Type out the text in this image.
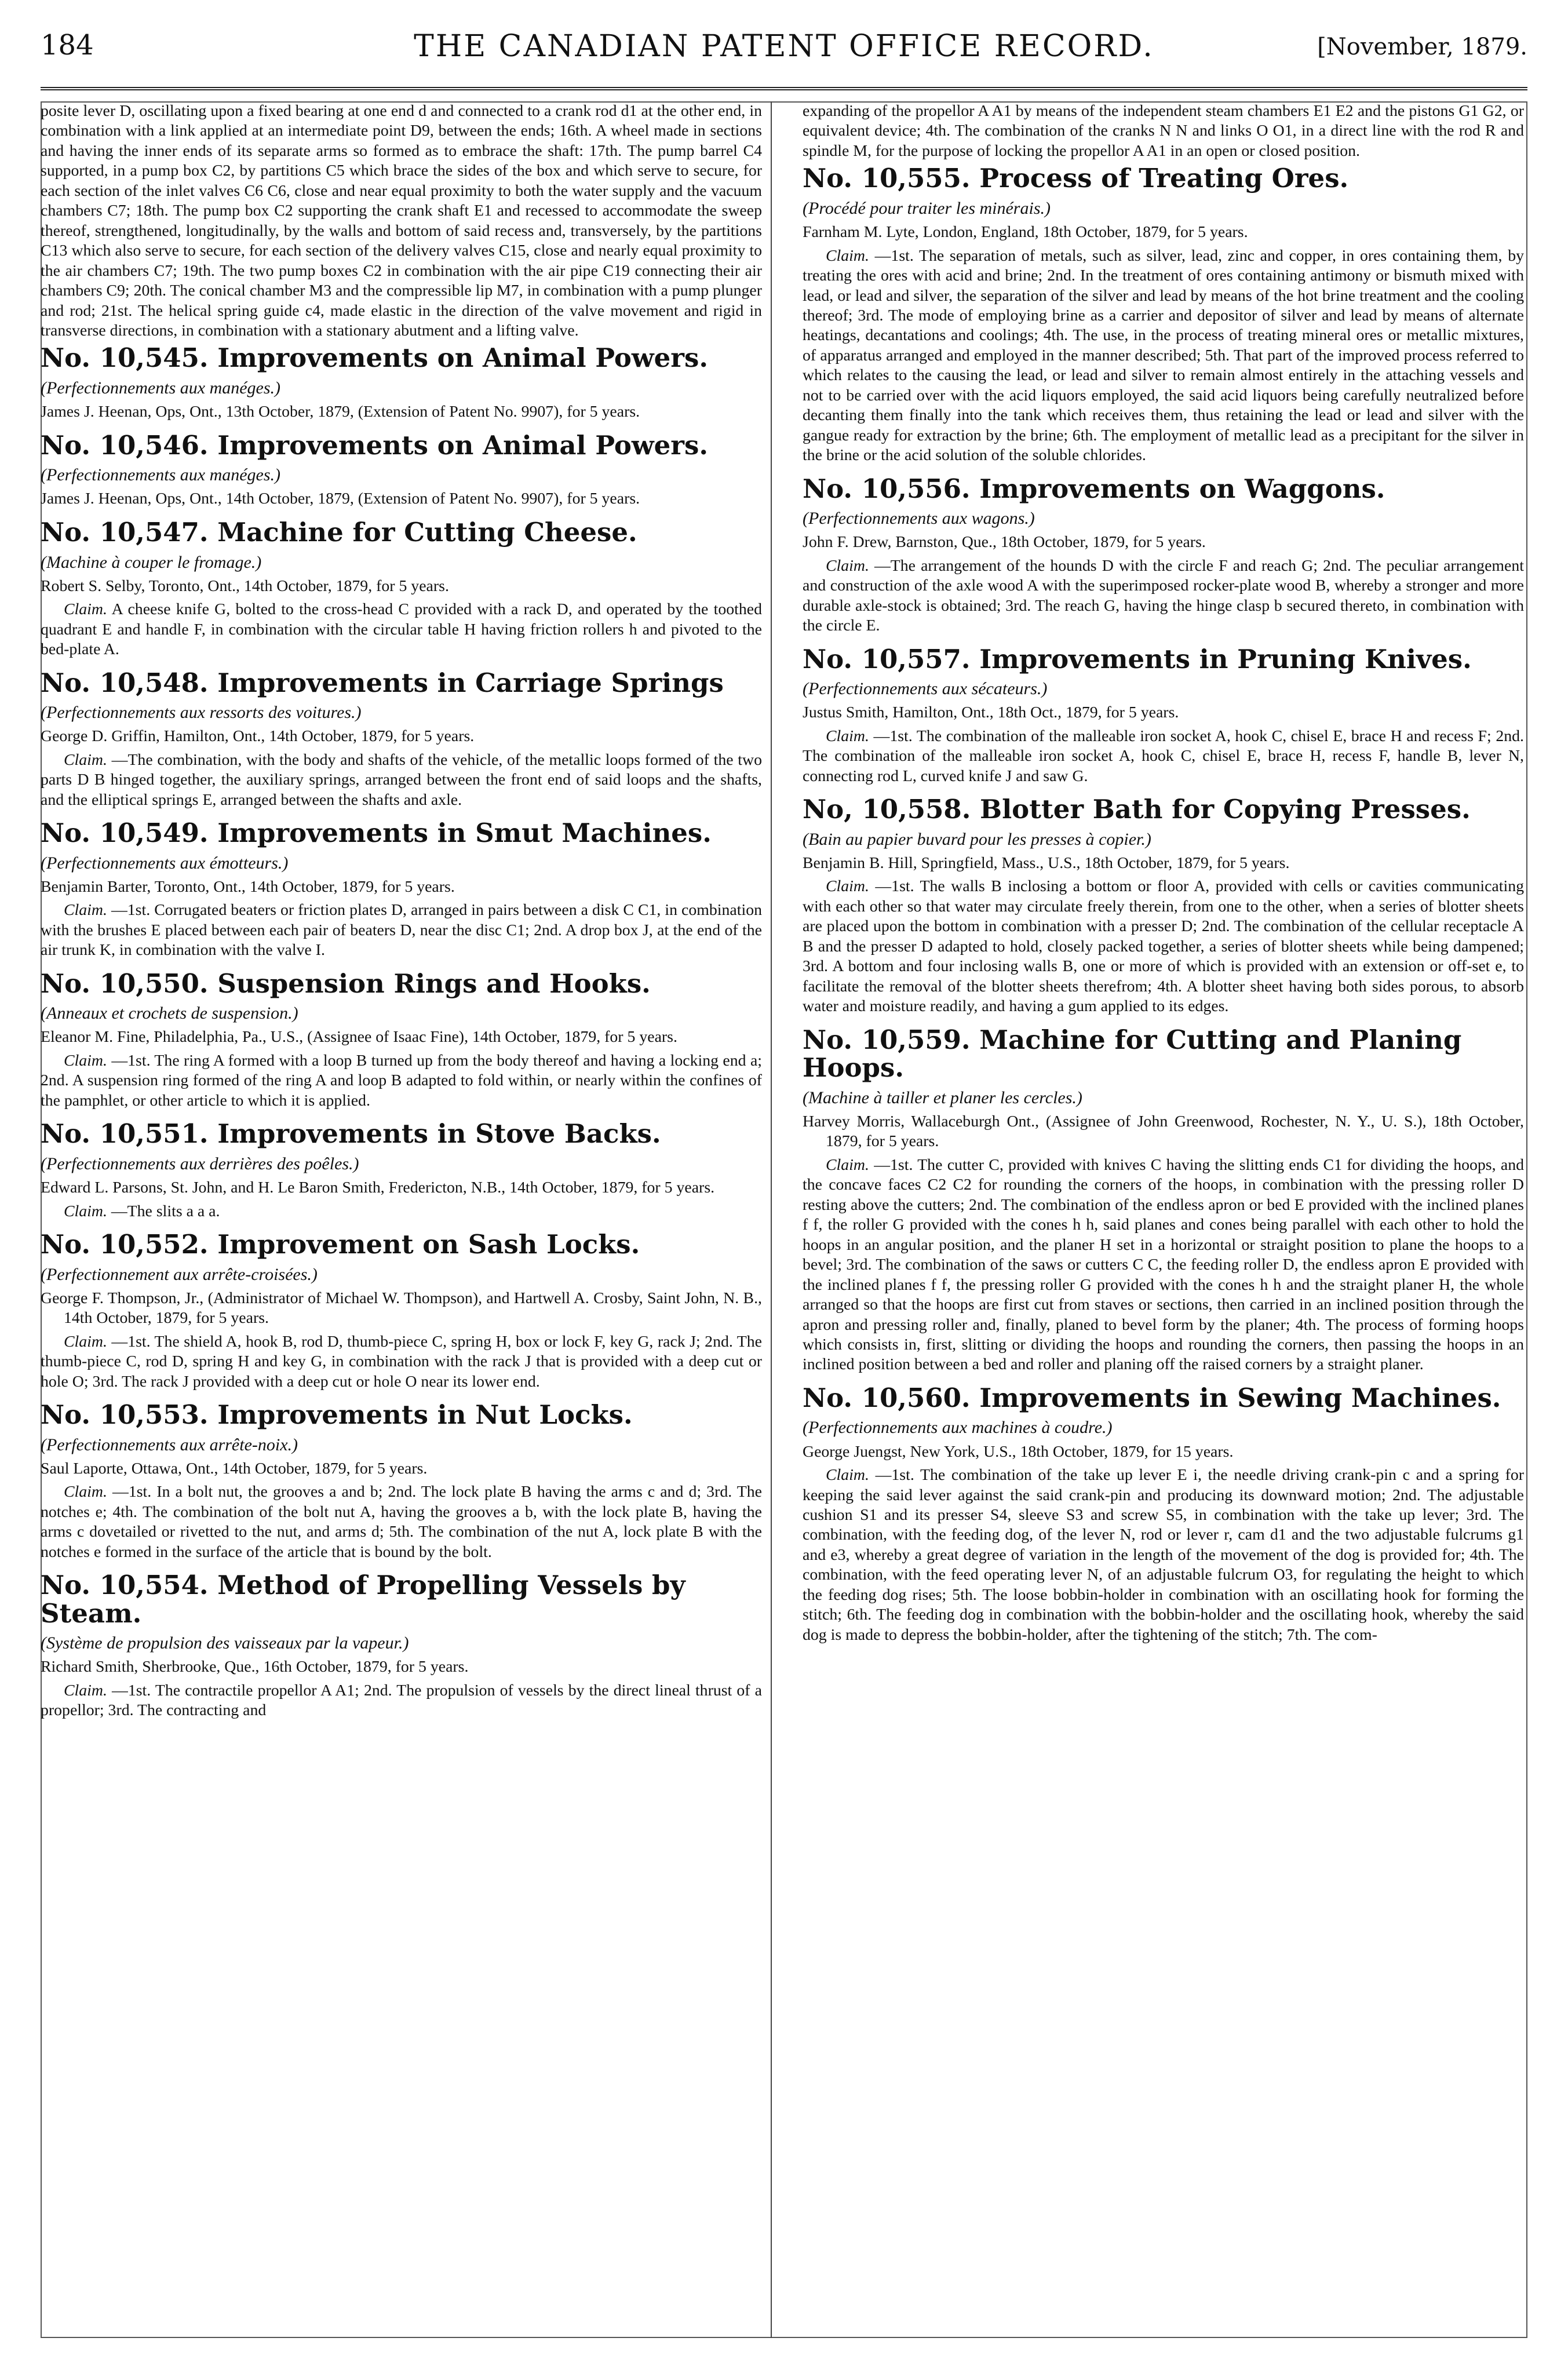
184	THE CANADIAN PATENT OFFICE RECORD.	[November, 1879.

posite lever D, oscillating upon a fixed bearing at one end d and connected to a crank rod d1 at the other end, in combination with a link applied at an intermediate point D9, between the ends; 16th. A wheel made in sections and having the inner ends of its separate arms so formed as to embrace the shaft: 17th. The pump barrel C4 supported, in a pump box C2, by partitions C5 which brace the sides of the box and which serve to secure, for each section of the inlet valves C6 C6, close and near equal proximity to both the water supply and the vacuum chambers C7; 18th. The pump box C2 supporting the crank shaft E1 and recessed to accommodate the sweep thereof, strengthened, longitudinally, by the walls and bottom of said recess and, transversely, by the partitions C13 which also serve to secure, for each section of the delivery valves C15, close and nearly equal proximity to the air chambers C7; 19th. The two pump boxes C2 in combination with the air pipe C19 connecting their air chambers C9; 20th. The conical chamber M3 and the compressible lip M7, in combination with a pump plunger and rod; 21st. The helical spring guide c4, made elastic in the direction of the valve movement and rigid in transverse directions, in combination with a stationary abutment and a lifting valve.

No. 10,545. Improvements on Animal Powers.

(Perfectionnements aux manéges.)

James J. Heenan, Ops, Ont., 13th October, 1879, (Extension of Patent No. 9907), for 5 years.

No. 10,546. Improvements on Animal Powers.

(Perfectionnements aux manéges.)

James J. Heenan, Ops, Ont., 14th October, 1879, (Extension of Patent No. 9907), for 5 years.

No. 10,547. Machine for Cutting Cheese.

(Machine à couper le fromage.)

Robert S. Selby, Toronto, Ont., 14th October, 1879, for 5 years.

Claim. A cheese knife G, bolted to the cross-head C provided with a rack D, and operated by the toothed quadrant E and handle F, in combination with the circular table H having friction rollers h and pivoted to the bed-plate A.

No. 10,548. Improvements in Carriage Springs

(Perfectionnements aux ressorts des voitures.)

George D. Griffin, Hamilton, Ont., 14th October, 1879, for 5 years.

Claim. —The combination, with the body and shafts of the vehicle, of the metallic loops formed of the two parts D B hinged together, the auxiliary springs, arranged between the front end of said loops and the shafts, and the elliptical springs E, arranged between the shafts and axle.

No. 10,549. Improvements in Smut Machines.

(Perfectionnements aux émotteurs.)

Benjamin Barter, Toronto, Ont., 14th October, 1879, for 5 years.

Claim. —1st. Corrugated beaters or friction plates D, arranged in pairs between a disk C C1, in combination with the brushes E placed between each pair of beaters D, near the disc C1; 2nd. A drop box J, at the end of the air trunk K, in combination with the valve I.

No. 10,550. Suspension Rings and Hooks.

(Anneaux et crochets de suspension.)

Eleanor M. Fine, Philadelphia, Pa., U.S., (Assignee of Isaac Fine), 14th October, 1879, for 5 years.

Claim. —1st. The ring A formed with a loop B turned up from the body thereof and having a locking end a; 2nd. A suspension ring formed of the ring A and loop B adapted to fold within, or nearly within the confines of the pamphlet, or other article to which it is applied.

No. 10,551. Improvements in Stove Backs.

(Perfectionnements aux derrières des poêles.)

Edward L. Parsons, St. John, and H. Le Baron Smith, Fredericton, N.B., 14th October, 1879, for 5 years.

Claim. —The slits a a a.

No. 10,552. Improvement on Sash Locks.

(Perfectionnement aux arrête-croisées.)

George F. Thompson, Jr., (Administrator of Michael W. Thompson), and Hartwell A. Crosby, Saint John, N. B., 14th October, 1879, for 5 years.

Claim. —1st. The shield A, hook B, rod D, thumb-piece C, spring H, box or lock F, key G, rack J; 2nd. The thumb-piece C, rod D, spring H and key G, in combination with the rack J that is provided with a deep cut or hole O; 3rd. The rack J provided with a deep cut or hole O near its lower end.

No. 10,553. Improvements in Nut Locks.

(Perfectionnements aux arrête-noix.)

Saul Laporte, Ottawa, Ont., 14th October, 1879, for 5 years.

Claim. —1st. In a bolt nut, the grooves a and b; 2nd. The lock plate B having the arms c and d; 3rd. The notches e; 4th. The combination of the bolt nut A, having the grooves a b, with the lock plate B, having the arms c dovetailed or rivetted to the nut, and arms d; 5th. The combination of the nut A, lock plate B with the notches e formed in the surface of the article that is bound by the bolt.

No. 10,554. Method of Propelling Vessels by Steam.

(Système de propulsion des vaisseaux par la vapeur.)

Richard Smith, Sherbrooke, Que., 16th October, 1879, for 5 years.

Claim. —1st. The contractile propellor A A1; 2nd. The propulsion of vessels by the direct lineal thrust of a propellor; 3rd. The contracting and

expanding of the propellor A A1 by means of the independent steam chambers E1 E2 and the pistons G1 G2, or equivalent device; 4th. The combination of the cranks N N and links O O1, in a direct line with the rod R and spindle M, for the purpose of locking the propellor A A1 in an open or closed position.

No. 10,555. Process of Treating Ores.

(Procédé pour traiter les minérais.)

Farnham M. Lyte, London, England, 18th October, 1879, for 5 years.

Claim. —1st. The separation of metals, such as silver, lead, zinc and copper, in ores containing them, by treating the ores with acid and brine; 2nd. In the treatment of ores containing antimony or bismuth mixed with lead, or lead and silver, the separation of the silver and lead by means of the hot brine treatment and the cooling thereof; 3rd. The mode of employing brine as a carrier and depositor of silver and lead by means of alternate heatings, decantations and coolings; 4th. The use, in the process of treating mineral ores or metallic mixtures, of apparatus arranged and employed in the manner described; 5th. That part of the improved process referred to which relates to the causing the lead, or lead and silver to remain almost entirely in the attaching vessels and not to be carried over with the acid liquors employed, the said acid liquors being carefully neutralized before decanting them finally into the tank which receives them, thus retaining the lead or lead and silver with the gangue ready for extraction by the brine; 6th. The employment of metallic lead as a precipitant for the silver in the brine or the acid solution of the soluble chlorides.

No. 10,556. Improvements on Waggons.

(Perfectionnements aux wagons.)

John F. Drew, Barnston, Que., 18th October, 1879, for 5 years.

Claim. —The arrangement of the hounds D with the circle F and reach G; 2nd. The peculiar arrangement and construction of the axle wood A with the superimposed rocker-plate wood B, whereby a stronger and more durable axle-stock is obtained; 3rd. The reach G, having the hinge clasp b secured thereto, in combination with the circle E.

No. 10,557. Improvements in Pruning Knives.

(Perfectionnements aux sécateurs.)

Justus Smith, Hamilton, Ont., 18th Oct., 1879, for 5 years.

Claim. —1st. The combination of the malleable iron socket A, hook C, chisel E, brace H and recess F; 2nd. The combination of the malleable iron socket A, hook C, chisel E, brace H, recess F, handle B, lever N, connecting rod L, curved knife J and saw G.

No, 10,558. Blotter Bath for Copying Presses.

(Bain au papier buvard pour les presses à copier.)

Benjamin B. Hill, Springfield, Mass., U.S., 18th October, 1879, for 5 years.

Claim. —1st. The walls B inclosing a bottom or floor A, provided with cells or cavities communicating with each other so that water may circulate freely therein, from one to the other, when a series of blotter sheets are placed upon the bottom in combination with a presser D; 2nd. The combination of the cellular receptacle A B and the presser D adapted to hold, closely packed together, a series of blotter sheets while being dampened; 3rd. A bottom and four inclosing walls B, one or more of which is provided with an extension or off-set e, to facilitate the removal of the blotter sheets therefrom; 4th. A blotter sheet having both sides porous, to absorb water and moisture readily, and having a gum applied to its edges.

No. 10,559. Machine for Cutting and Planing Hoops.

(Machine à tailler et planer les cercles.)

Harvey Morris, Wallaceburgh Ont., (Assignee of John Greenwood, Rochester, N. Y., U. S.), 18th October, 1879, for 5 years.

Claim. —1st. The cutter C, provided with knives C having the slitting ends C1 for dividing the hoops, and the concave faces C2 C2 for rounding the corners of the hoops, in combination with the pressing roller D resting above the cutters; 2nd. The combination of the endless apron or bed E provided with the inclined planes f f, the roller G provided with the cones h h, said planes and cones being parallel with each other to hold the hoops in an angular position, and the planer H set in a horizontal or straight position to plane the hoops to a bevel; 3rd. The combination of the saws or cutters C C, the feeding roller D, the endless apron E provided with the inclined planes f f, the pressing roller G provided with the cones h h and the straight planer H, the whole arranged so that the hoops are first cut from staves or sections, then carried in an inclined position through the apron and pressing roller and, finally, planed to bevel form by the planer; 4th. The process of forming hoops which consists in, first, slitting or dividing the hoops and rounding the corners, then passing the hoops in an inclined position between a bed and roller and planing off the raised corners by a straight planer.

No. 10,560. Improvements in Sewing Machines.

(Perfectionnements aux machines à coudre.)

George Juengst, New York, U.S., 18th October, 1879, for 15 years.

Claim. —1st. The combination of the take up lever E i, the needle driving crank-pin c and a spring for keeping the said lever against the said crank-pin and producing its downward motion; 2nd. The adjustable cushion S1 and its presser S4, sleeve S3 and screw S5, in combination with the take up lever; 3rd. The combination, with the feeding dog, of the lever N, rod or lever r, cam d1 and the two adjustable fulcrums g1 and e3, whereby a great degree of variation in the length of the movement of the dog is provided for; 4th. The combination, with the feed operating lever N, of an adjustable fulcrum O3, for regulating the height to which the feeding dog rises; 5th. The loose bobbin-holder in combination with an oscillating hook for forming the stitch; 6th. The feeding dog in combination with the bobbin-holder and the oscillating hook, whereby the said dog is made to depress the bobbin-holder, after the tightening of the stitch; 7th. The com-
